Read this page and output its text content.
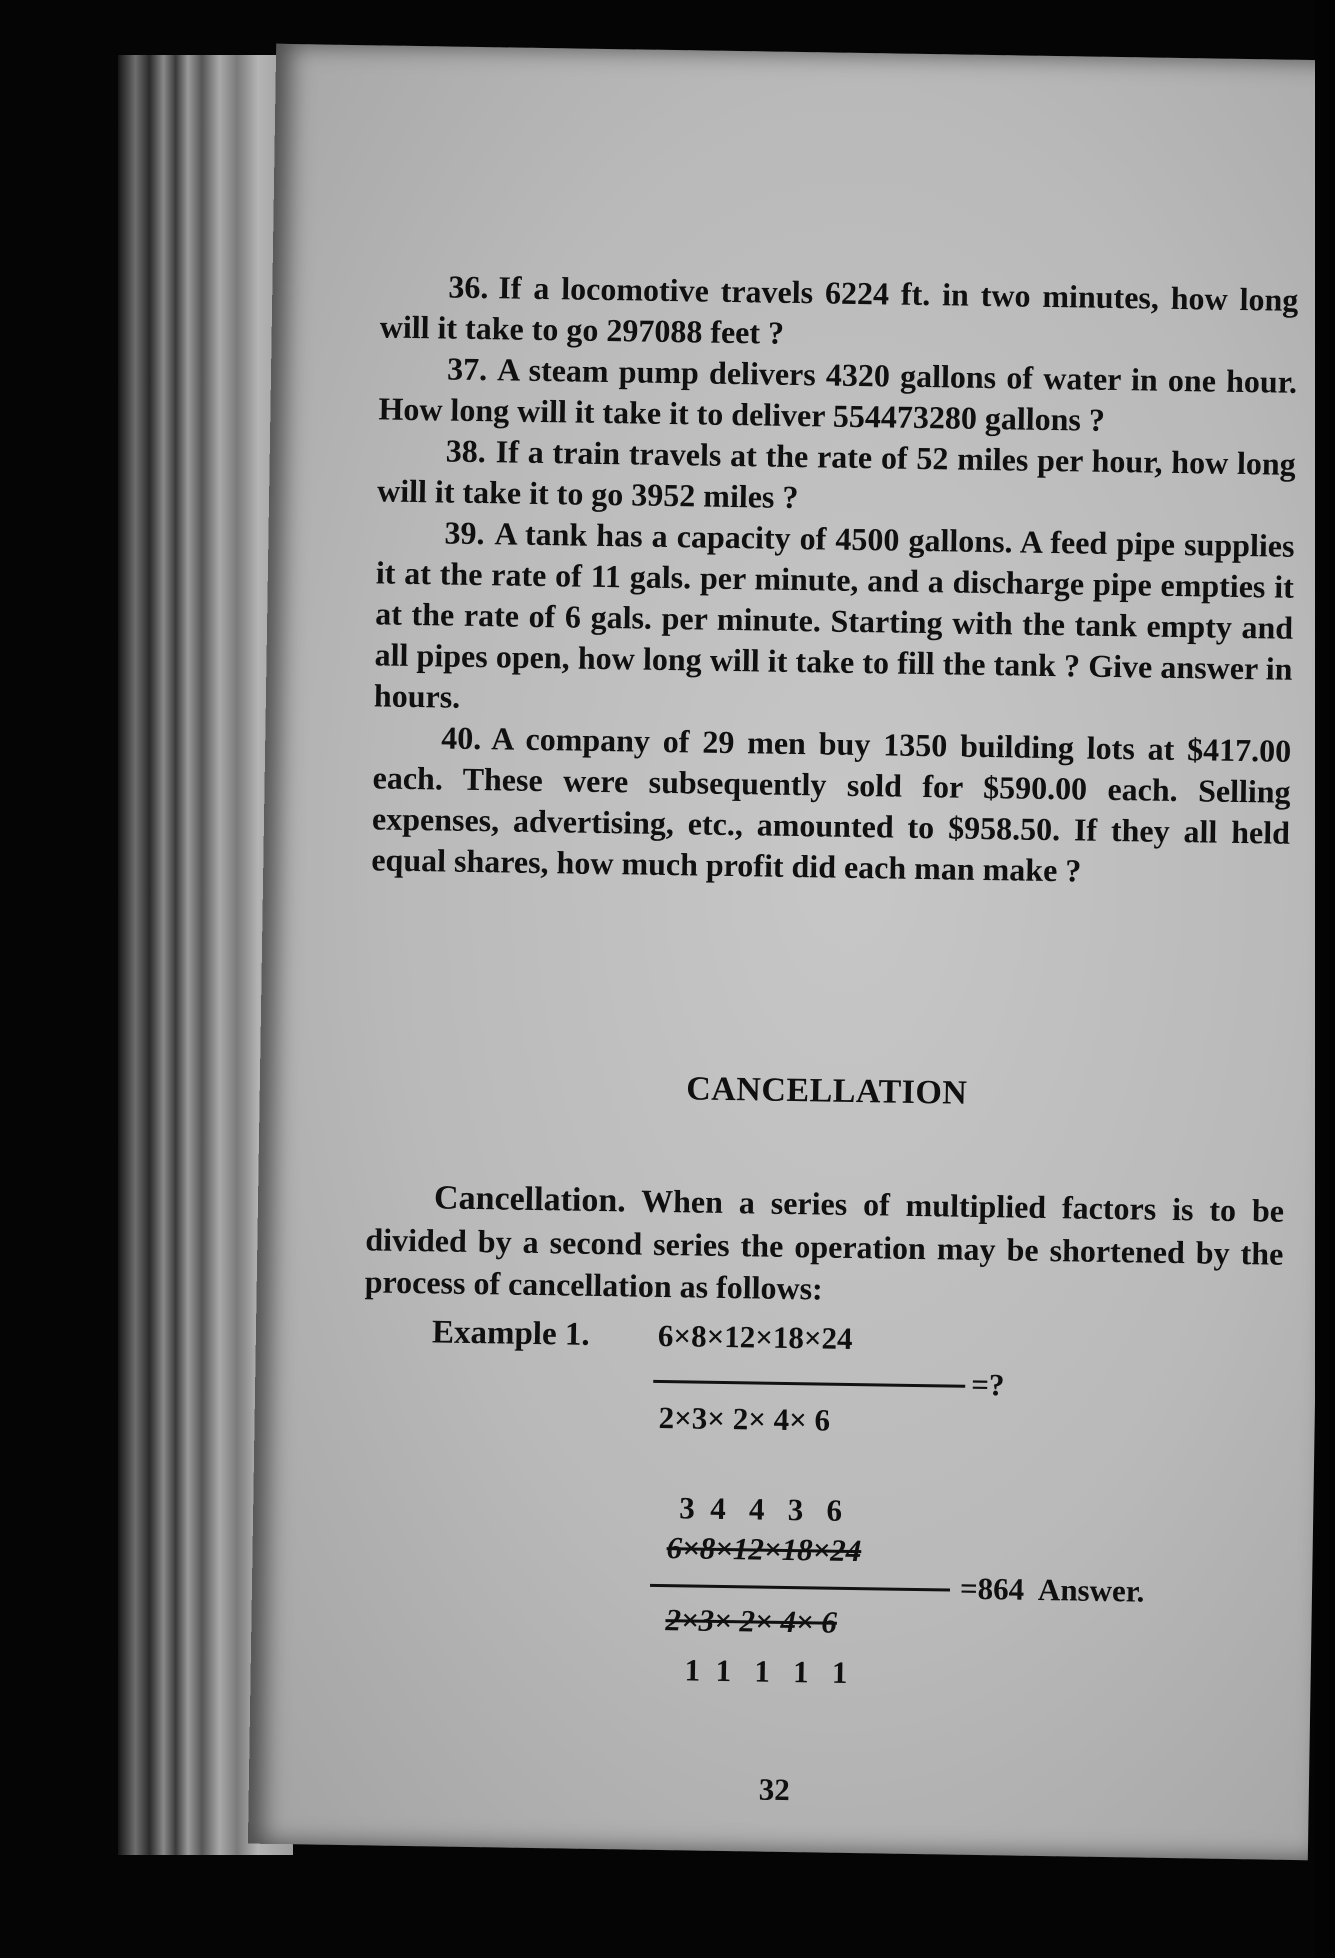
36. If a locomotive travels 6224 ft. in two minutes, how long will it take to go 297088 feet ?

37. A steam pump delivers 4320 gallons of water in one hour. How long will it take it to deliver 554473280 gallons ?

38. If a train travels at the rate of 52 miles per hour, how long will it take it to go 3952 miles ?

39. A tank has a capacity of 4500 gallons. A feed pipe supplies it at the rate of 11 gals. per minute, and a discharge pipe empties it at the rate of 6 gals. per minute. Starting with the tank empty and all pipes open, how long will it take to fill the tank ? Give answer in hours.

40. A company of 29 men buy 1350 building lots at $417.00 each. These were subsequently sold for $590.00 each. Selling expenses, advertising, etc., amounted to $958.50. If they all held equal shares, how much profit did each man make ?

CANCELLATION

Cancellation. When a series of multiplied factors is to be divided by a second series the operation may be shortened by the process of cancellation as follows:

Example 1. 6×8×12×18×24
=?
2×3× 2× 4× 6
3  4   4   3   6
6×8×12×18×24
=864  Answer.
2×3× 2× 4× 6
1  1   1   1   1
32
